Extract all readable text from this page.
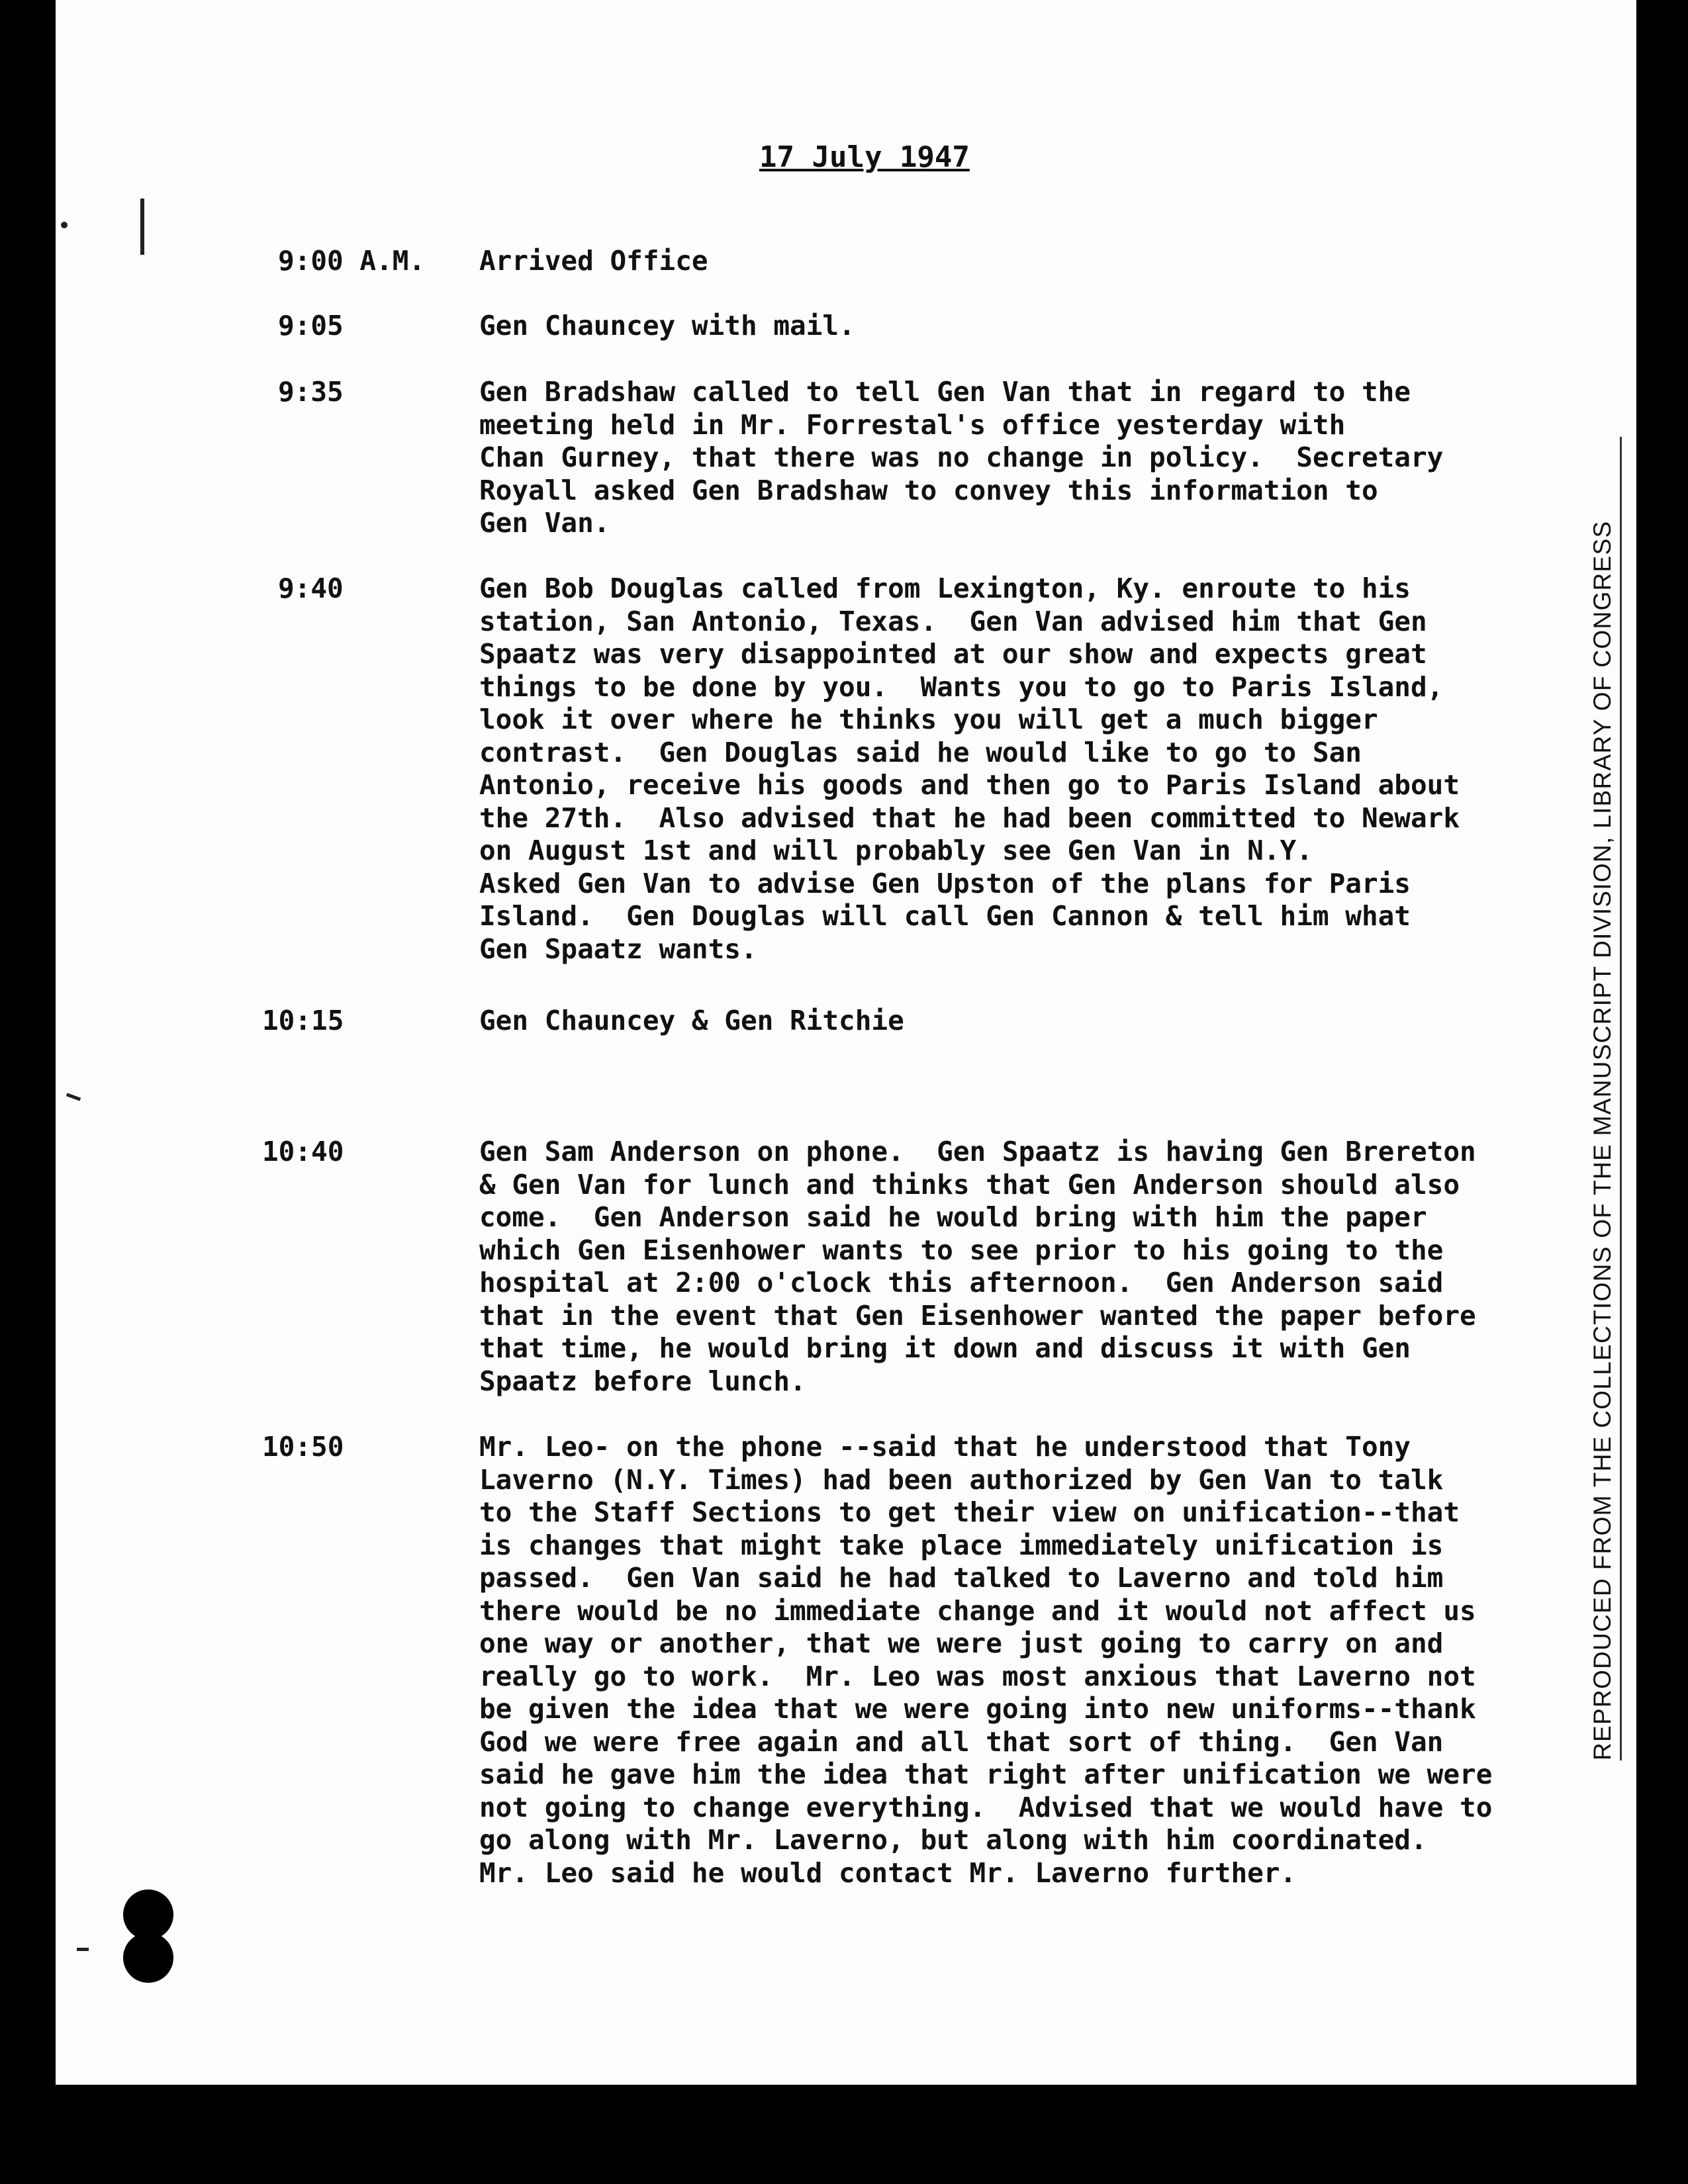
17 July 1947
9:00 A.M.	Arrived Office
9:05	Gen Chauncey with mail.
9:35	Gen Bradshaw called to tell Gen Van that in regard to the
meeting held in Mr. Forrestal's office yesterday with
Chan Gurney, that there was no change in policy.  Secretary
Royall asked Gen Bradshaw to convey this information to
Gen Van.
9:40	Gen Bob Douglas called from Lexington, Ky. enroute to his
station, San Antonio, Texas.  Gen Van advised him that Gen
Spaatz was very disappointed at our show and expects great
things to be done by you.  Wants you to go to Paris Island,
look it over where he thinks you will get a much bigger
contrast.  Gen Douglas said he would like to go to San
Antonio, receive his goods and then go to Paris Island about
the 27th.  Also advised that he had been committed to Newark
on August 1st and will probably see Gen Van in N.Y.
Asked Gen Van to advise Gen Upston of the plans for Paris
Island.  Gen Douglas will call Gen Cannon & tell him what
Gen Spaatz wants.
10:15	Gen Chauncey & Gen Ritchie
10:40	Gen Sam Anderson on phone.  Gen Spaatz is having Gen Brereton
& Gen Van for lunch and thinks that Gen Anderson should also
come.  Gen Anderson said he would bring with him the paper
which Gen Eisenhower wants to see prior to his going to the
hospital at 2:00 o'clock this afternoon.  Gen Anderson said
that in the event that Gen Eisenhower wanted the paper before
that time, he would bring it down and discuss it with Gen
Spaatz before lunch.
10:50	Mr. Leo- on the phone --said that he understood that Tony
Laverno (N.Y. Times) had been authorized by Gen Van to talk
to the Staff Sections to get their view on unification--that
is changes that might take place immediately unification is
passed.  Gen Van said he had talked to Laverno and told him
there would be no immediate change and it would not affect us
one way or another, that we were just going to carry on and
really go to work.  Mr. Leo was most anxious that Laverno not
be given the idea that we were going into new uniforms--thank
God we were free again and all that sort of thing.  Gen Van
said he gave him the idea that right after unification we were
not going to change everything.  Advised that we would have to
go along with Mr. Laverno, but along with him coordinated.
Mr. Leo said he would contact Mr. Laverno further.
REPRODUCED FROM THE COLLECTIONS OF THE MANUSCRIPT DIVISION, LIBRARY OF CONGRESS
